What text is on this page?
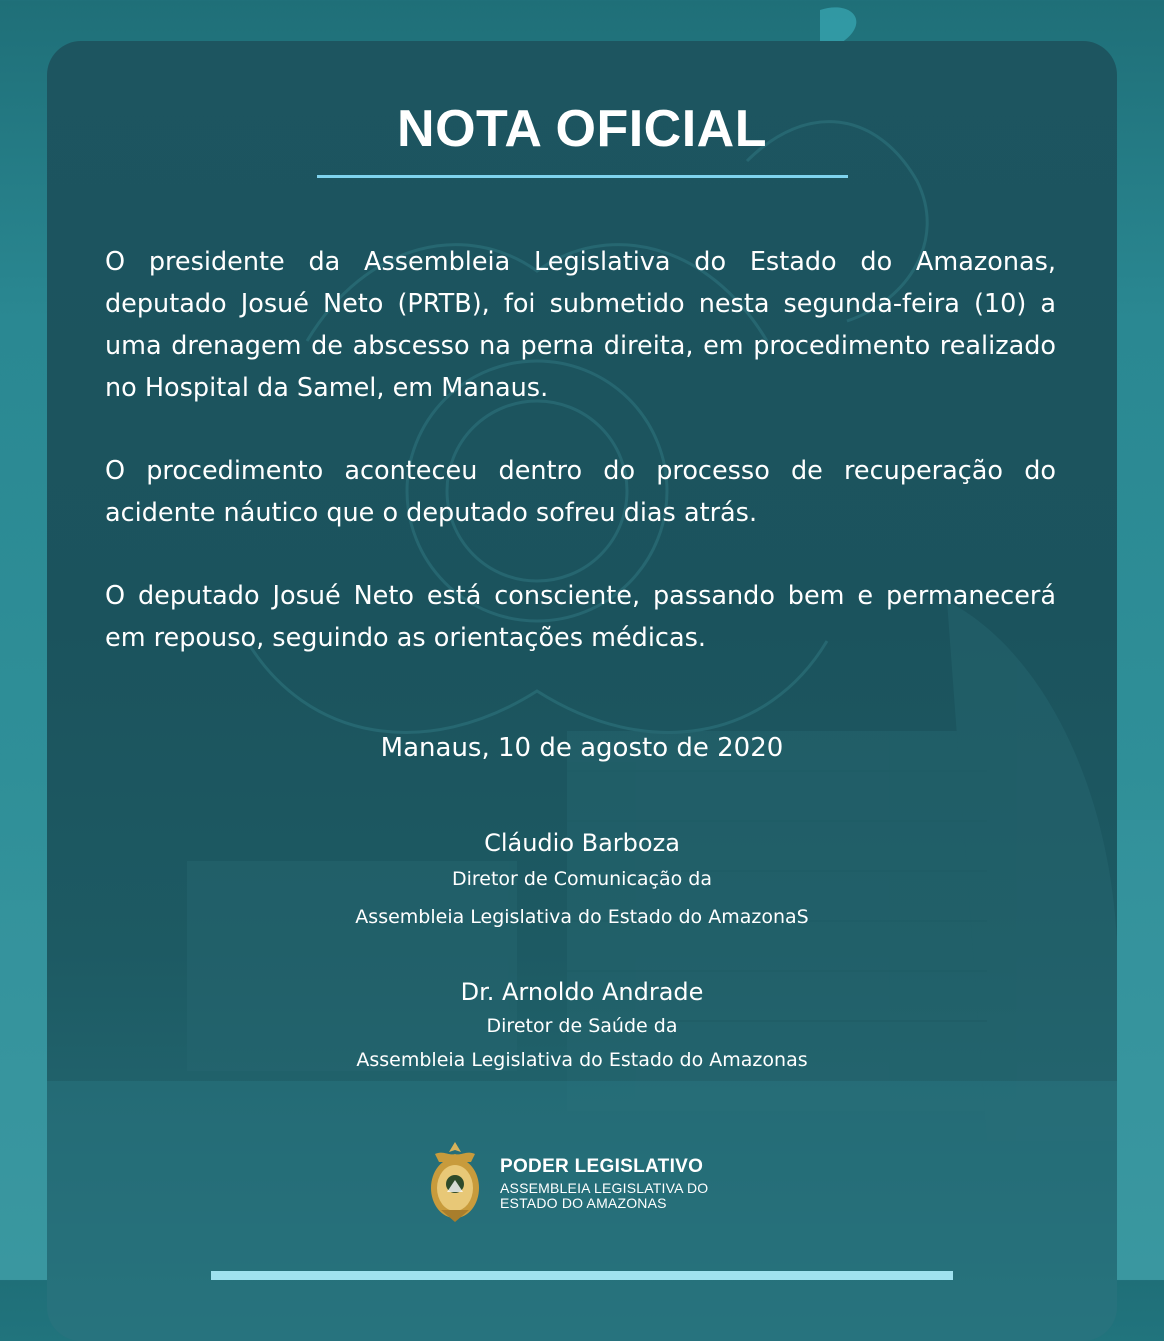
NOTA OFICIAL

O presidente da Assembleia Legislativa do Estado do Amazonas, deputado Josué Neto (PRTB), foi submetido nesta segunda-feira (10) a uma drenagem de abscesso na perna direita, em procedimento realizado no Hospital da Samel, em Manaus.

O procedimento aconteceu dentro do processo de recuperação do acidente náutico que o deputado sofreu dias atrás.

O deputado Josué Neto está consciente, passando bem e permanecerá em repouso, seguindo as orientações médicas.

Manaus, 10 de agosto de 2020
Cláudio Barboza
Diretor de Comunicação da
Assembleia Legislativa do Estado do AmazonaS
Dr. Arnoldo Andrade
Diretor de Saúde da
Assembleia Legislativa do Estado do Amazonas
PODER LEGISLATIVO
ASSEMBLEIA LEGISLATIVA DO
ESTADO DO AMAZONAS
